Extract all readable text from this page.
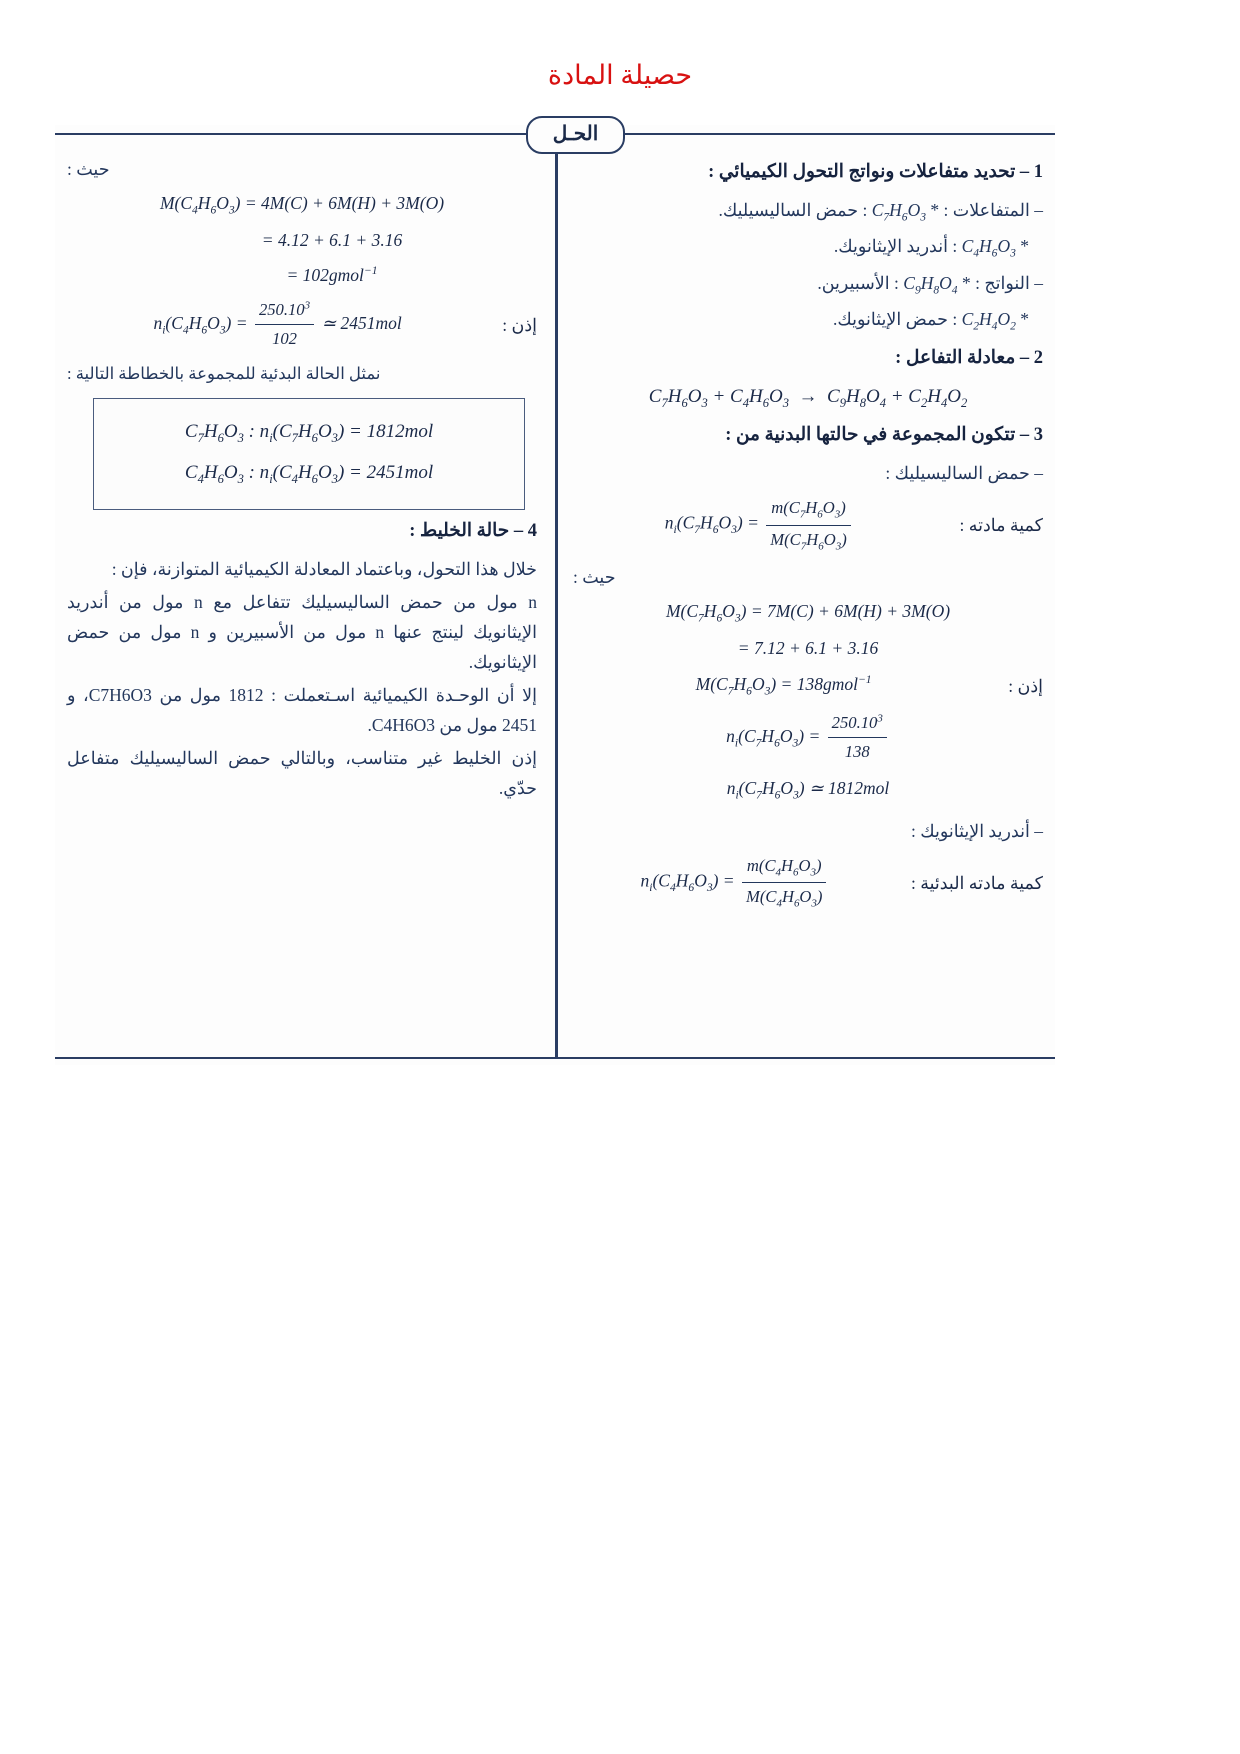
حصيلة المادة
الحـل
1 – تحديد متفاعلات ونواتج التحول الكيميائي :
– المتفاعلات : * $C_7H_6O_3$ : حمض الساليسيليك.
* $C_4H_6O_3$ : أندريد الإيثانويك.
– النواتج : * $C_9H_8O_4$ : الأسبيرين.
* $C_2H_4O_2$ : حمض الإيثانويك.
2 – معادلة التفاعل :
$C_7H_6O_3 + C_4H_6O_3 \to C_9H_8O_4 + C_2H_4O_2$
3 – تتكون المجموعة في حالتها البدنية من :
– حمض الساليسيليك :
كمية مادته :
$n_i(C_7H_6O_3) = \frac{m(C_7H_6O_3)}{M(C_7H_6O_3)}$
حيث :
$M(C_7H_6O_3) = 7M(C) + 6M(H) + 3M(O)$
= 7.12 + 6.1 + 3.16
إذن :
$M(C_7H_6O_3)$ = 138gmol$^{-1}$
$n_i(C_7H_6O_3) = \frac{250.10^3}{138}$
$n_i(C_7H_6O_3)$ ≃ 1812mol
– أندريد الإيثانويك :
كمية مادته البدئية :
$n_i(C_4H_6O_3) = \frac{m(C_4H_6O_3)}{M(C_4H_6O_3)}$
حيث :
$M(C_4H_6O_3) = 4M(C) + 6M(H) + 3M(O)$
= 4.12 + 6.1 + 3.16
= 102gmol$^{-1}$
إذن :
$n_i(C_4H_6O_3) = \frac{250.10^3}{102}$ ≃ 2451mol
نمثل الحالة البدئية للمجموعة بالخطاطة التالية :
$C_7H_6O_3$ : $n_i(C_7H_6O_3) = 1812mol$
$C_4H_6O_3$ : $n_i(C_4H_6O_3) = 2451mol$
4 – حالة الخليط :
خلال هذا التحول، وباعتماد المعادلة الكيميائية المتوازنة، فإن :
n مول من حمض الساليسيليك تتفاعل مع n مول من أندريد الإيثانويك لينتج عنها n مول من الأسبيرين و n مول من حمض الإيثانويك.
إلا أن الوحـدة الكيميائية اسـتعملت : 1812 مول من C7H6O3، و 2451 مول من C4H6O3.
إذن الخليط غير متناسب، وبالتالي حمض الساليسيليك متفاعل حدّي.
